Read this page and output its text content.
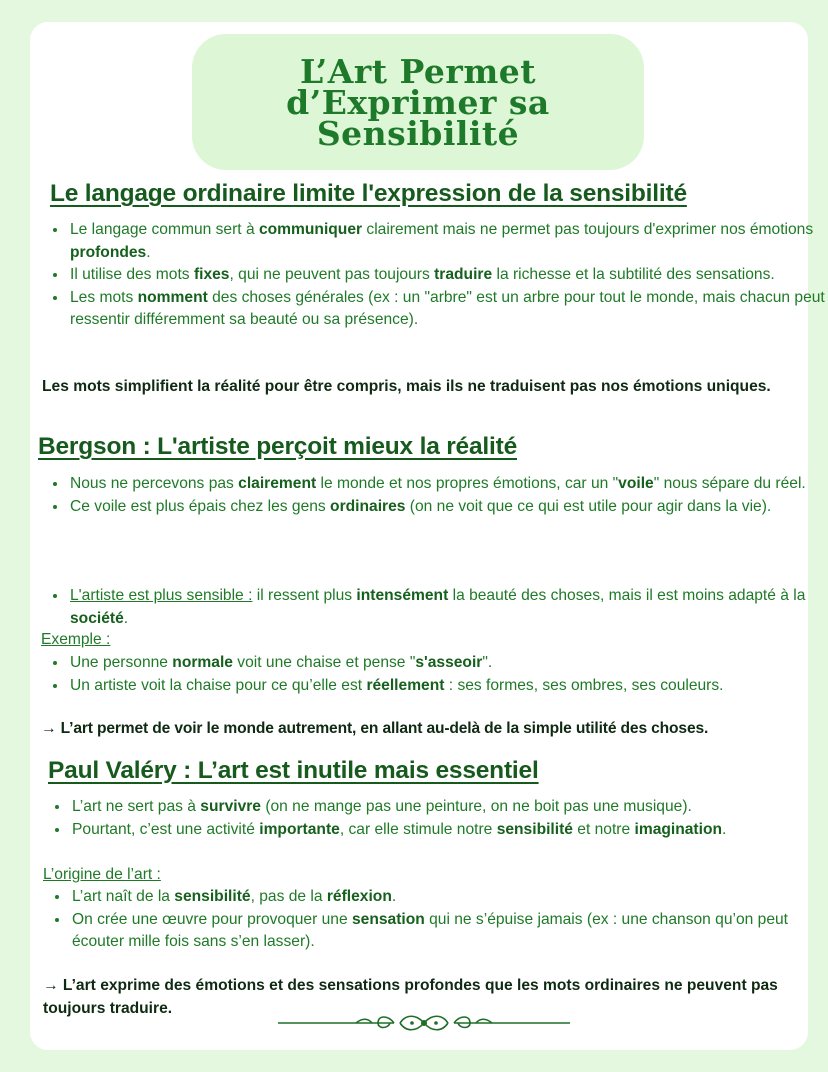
L’Art Permet
d’Exprimer sa
Sensibilité
Le langage ordinaire limite l'expression de la sensibilité
• Le langage commun sert à communiquer clairement mais ne permet pas toujours d'exprimer nos émotions profondes.
• Il utilise des mots fixes, qui ne peuvent pas toujours traduire la richesse et la subtilité des sensations.
• Les mots nomment des choses générales (ex : un "arbre" est un arbre pour tout le monde, mais chacun peut ressentir différemment sa beauté ou sa présence).

Les mots simplifient la réalité pour être compris, mais ils ne traduisent pas nos émotions uniques.

Bergson : L'artiste perçoit mieux la réalité
• Nous ne percevons pas clairement le monde et nos propres émotions, car un "voile" nous sépare du réel.
• Ce voile est plus épais chez les gens ordinaires (on ne voit que ce qui est utile pour agir dans la vie).
• L'artiste est plus sensible : il ressent plus intensément la beauté des choses, mais il est moins adapté à la société.

Exemple :

• Une personne normale voit une chaise et pense "s'asseoir".
• Un artiste voit la chaise pour ce qu’elle est réellement : ses formes, ses ombres, ses couleurs.

→ L’art permet de voir le monde autrement, en allant au-delà de la simple utilité des choses.

Paul Valéry : L’art est inutile mais essentiel
• L’art ne sert pas à survivre (on ne mange pas une peinture, on ne boit pas une musique).
• Pourtant, c’est une activité importante, car elle stimule notre sensibilité et notre imagination.

L’origine de l’art :

• L’art naît de la sensibilité, pas de la réflexion.
• On crée une œuvre pour provoquer une sensation qui ne s’épuise jamais (ex : une chanson qu’on peut écouter mille fois sans s’en lasser).

→ L’art exprime des émotions et des sensations profondes que les mots ordinaires ne peuvent pas toujours traduire.
